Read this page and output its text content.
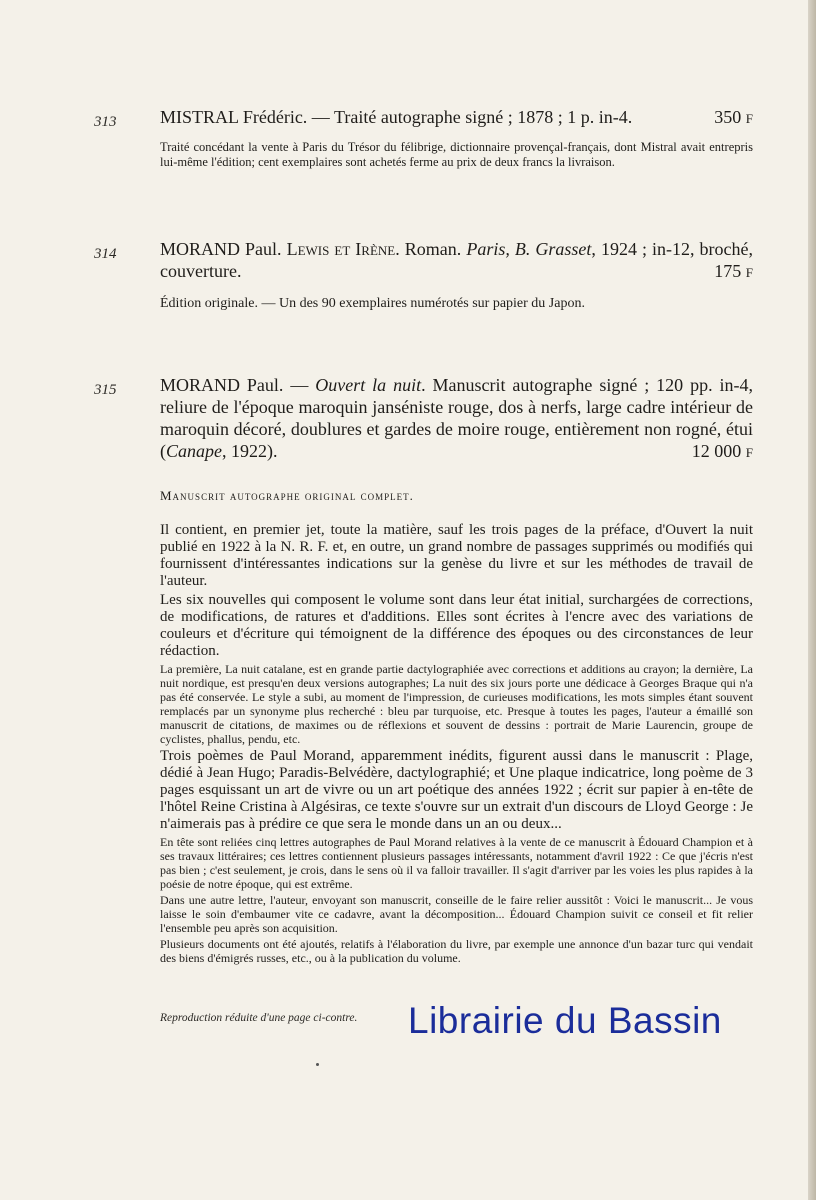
313 MISTRAL Frédéric. — Traité autographe signé ; 1878 ; 1 p. in-4.	350 F
Traité concédant la vente à Paris du Trésor du félibrige, dictionnaire provençal-français, dont Mistral avait entrepris lui-même l'édition; cent exemplaires sont achetés ferme au prix de deux francs la livraison.
314 MORAND Paul. Lewis et Irène. Roman. Paris, B. Grasset, 1924 ; in-12, broché, couverture.	175 F
Édition originale. — Un des 90 exemplaires numérotés sur papier du Japon.
315 MORAND Paul. — Ouvert la nuit. Manuscrit autographe signé ; 120 pp. in-4, reliure de l'époque maroquin janséniste rouge, dos à nerfs, large cadre intérieur de maroquin décoré, doublures et gardes de moire rouge, entièrement non rogné, étui (Canape, 1922).	12 000 F
Manuscrit autographe original complet.

Il contient, en premier jet, toute la matière, sauf les trois pages de la préface, d'Ouvert la nuit publié en 1922 à la N. R. F. et, en outre, un grand nombre de passages supprimés ou modifiés qui fournissent d'intéressantes indications sur la genèse du livre et sur les méthodes de travail de l'auteur.

Les six nouvelles qui composent le volume sont dans leur état initial, surchargées de corrections, de modifications, de ratures et d'additions. Elles sont écrites à l'encre avec des variations de couleurs et d'écriture qui témoignent de la différence des époques ou des circonstances de leur rédaction.

La première, La nuit catalane, est en grande partie dactylographiée avec corrections et additions au crayon; la dernière, La nuit nordique, est presqu'en deux versions autographes; La nuit des six jours porte une dédicace à Georges Braque qui n'a pas été conservée. Le style a subi, au moment de l'impression, de curieuses modifications, les mots simples étant souvent remplacés par un synonyme plus recherché : bleu par turquoise, etc. Presque à toutes les pages, l'auteur a émaillé son manuscrit de citations, de maximes ou de réflexions et souvent de dessins : portrait de Marie Laurencin, groupe de cyclistes, phallus, pendu, etc.

Trois poèmes de Paul Morand, apparemment inédits, figurent aussi dans le manuscrit : Plage, dédié à Jean Hugo; Paradis-Belvédère, dactylographié; et Une plaque indicatrice, long poème de 3 pages esquissant un art de vivre ou un art poétique des années 1922 ; écrit sur papier à en-tête de l'hôtel Reine Cristina à Algésiras, ce texte s'ouvre sur un extrait d'un discours de Lloyd George : Je n'aimerais pas à prédire ce que sera le monde dans un an ou deux...

En tête sont reliées cinq lettres autographes de Paul Morand relatives à la vente de ce manuscrit à Édouard Champion et à ses travaux littéraires; ces lettres contiennent plusieurs passages intéressants, notamment d'avril 1922 : Ce que j'écris n'est pas bien ; c'est seulement, je crois, dans le sens où il va falloir travailler. Il s'agit d'arriver par les voies les plus rapides à la poésie de notre époque, qui est extrême.

Dans une autre lettre, l'auteur, envoyant son manuscrit, conseille de le faire relier aussitôt : Voici le manuscrit... Je vous laisse le soin d'embaumer vite ce cadavre, avant la décomposition... Édouard Champion suivit ce conseil et fit relier l'ensemble peu après son acquisition.

Plusieurs documents ont été ajoutés, relatifs à l'élaboration du livre, par exemple une annonce d'un bazar turc qui vendait des biens d'émigrés russes, etc., ou à la publication du volume.

Reproduction réduite d'une page ci-contre. Librairie du Bassin
